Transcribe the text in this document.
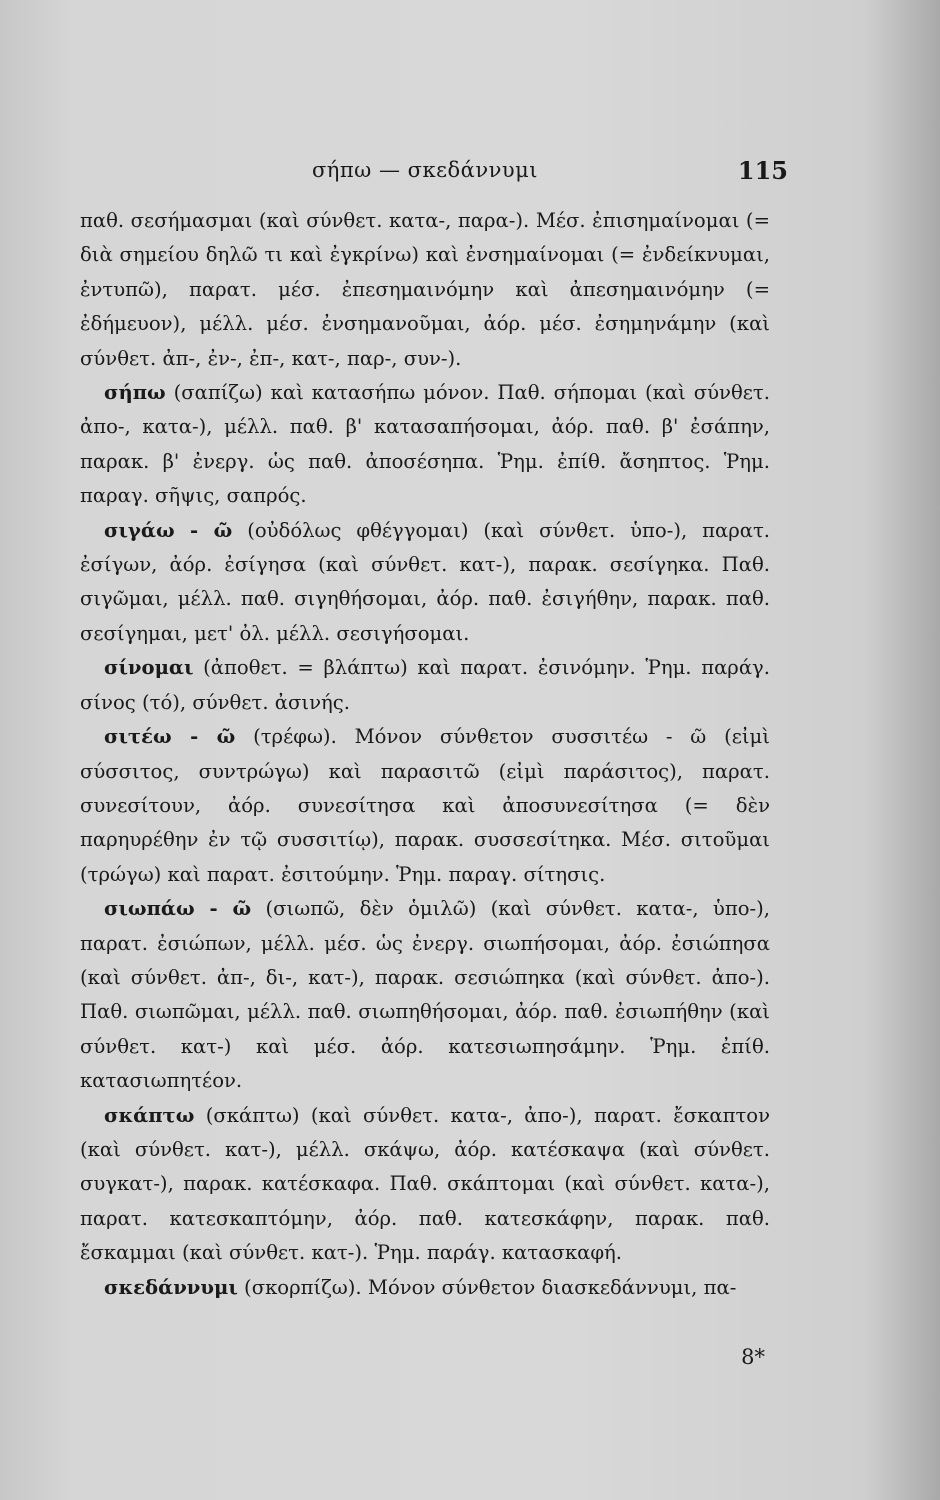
σήπω — σκεδάννυμι	115

παθ. σεσήμασμαι (καὶ σύνθετ. κατα-, παρα-). Μέσ. ἐπισημαίνομαι (= διὰ σημείου δηλῶ τι καὶ ἐγκρίνω) καὶ ἐνσημαίνομαι (= ἐνδείκνυμαι, ἐντυπῶ), παρατ. μέσ. ἐπεσημαινόμην καὶ ἀπεσημαινόμην (= ἐδήμευον), μέλλ. μέσ. ἐνσημανοῦμαι, ἀόρ. μέσ. ἐσημηνάμην (καὶ σύνθετ. ἀπ-, ἐν-, ἐπ-, κατ-, παρ-, συν-).

σήπω (σαπίζω) καὶ κατασήπω μόνον. Παθ. σήπομαι (καὶ σύνθετ. ἀπο-, κατα-), μέλλ. παθ. β' κατασαπήσομαι, ἀόρ. παθ. β' ἐσάπην, παρακ. β' ἐνεργ. ὡς παθ. ἀποσέσηπα. Ῥημ. ἐπίθ. ἄσηπτος. Ῥημ. παραγ. σῆψις, σαπρός.

σιγάω - ῶ (οὐδόλως φθέγγομαι) (καὶ σύνθετ. ὑπο-), παρατ. ἐσίγων, ἀόρ. ἐσίγησα (καὶ σύνθετ. κατ-), παρακ. σεσίγηκα. Παθ. σιγῶμαι, μέλλ. παθ. σιγηθήσομαι, ἀόρ. παθ. ἐσιγήθην, παρακ. παθ. σεσίγημαι, μετ' ὀλ. μέλλ. σεσιγήσομαι.

σίνομαι (ἀποθετ. = βλάπτω) καὶ παρατ. ἐσινόμην. Ῥημ. παράγ. σίνος (τό), σύνθετ. ἀσινής.

σιτέω - ῶ (τρέφω). Μόνον σύνθετον συσσιτέω - ῶ (εἰμὶ σύσσιτος, συντρώγω) καὶ παρασιτῶ (εἰμὶ παράσιτος), παρατ. συνεσίτουν, ἀόρ. συνεσίτησα καὶ ἀποσυνεσίτησα (= δὲν παρηυρέθην ἐν τῷ συσσιτίῳ), παρακ. συσσεσίτηκα. Μέσ. σιτοῦμαι (τρώγω) καὶ παρατ. ἐσιτούμην. Ῥημ. παραγ. σίτησις.

σιωπάω - ῶ (σιωπῶ, δὲν ὁμιλῶ) (καὶ σύνθετ. κατα-, ὑπο-), παρατ. ἐσιώπων, μέλλ. μέσ. ὡς ἐνεργ. σιωπήσομαι, ἀόρ. ἐσιώπησα (καὶ σύνθετ. ἀπ-, δι-, κατ-), παρακ. σεσιώπηκα (καὶ σύνθετ. ἀπο-). Παθ. σιωπῶμαι, μέλλ. παθ. σιωπηθήσομαι, ἀόρ. παθ. ἐσιωπήθην (καὶ σύνθετ. κατ-) καὶ μέσ. ἀόρ. κατεσιωπησάμην. Ῥημ. ἐπίθ. κατασιωπητέον.

σκάπτω (σκάπτω) (καὶ σύνθετ. κατα-, ἀπο-), παρατ. ἔσκαπτον (καὶ σύνθετ. κατ-), μέλλ. σκάψω, ἀόρ. κατέσκαψα (καὶ σύνθετ. συγκατ-), παρακ. κατέσκαφα. Παθ. σκάπτομαι (καὶ σύνθετ. κατα-), παρατ. κατεσκαπτόμην, ἀόρ. παθ. κατεσκάφην, παρακ. παθ. ἔσκαμμαι (καὶ σύνθετ. κατ-). Ῥημ. παράγ. κατασκαφή.

σκεδάννυμι (σκορπίζω). Μόνον σύνθετον διασκεδάννυμι, πα-

8*
